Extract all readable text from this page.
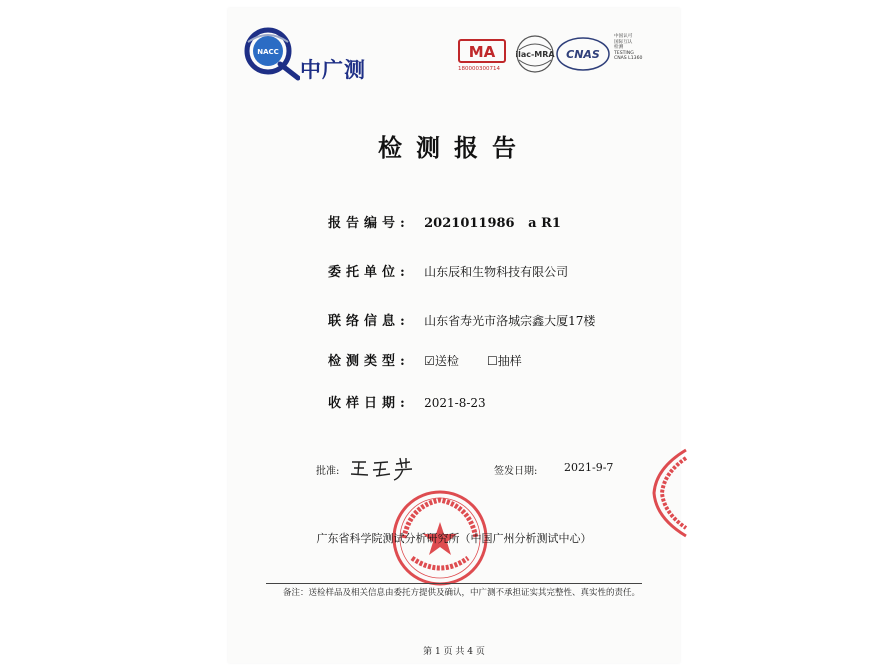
NACC
中广测
MA	ilac-MRA CNAS
180000300714
中国认可
国际互认
检测
TESTING
CNAS L1360
检测报告
报告编号: 2021011986   a R1
委托单位: 山东辰和生物科技有限公司
联络信息: 山东省寿光市洛城宗鑫大厦17楼
检测类型: ☑送检 ☐抽样
收样日期: 2021-8-23
批准:	签发日期: 2021-9-7
广东省科学院测试分析研究所（中国广州分析测试中心）
备注：送检样品及相关信息由委托方提供及确认，中广测不承担证实其完整性、真实性的责任。
第 1 页 共 4 页
